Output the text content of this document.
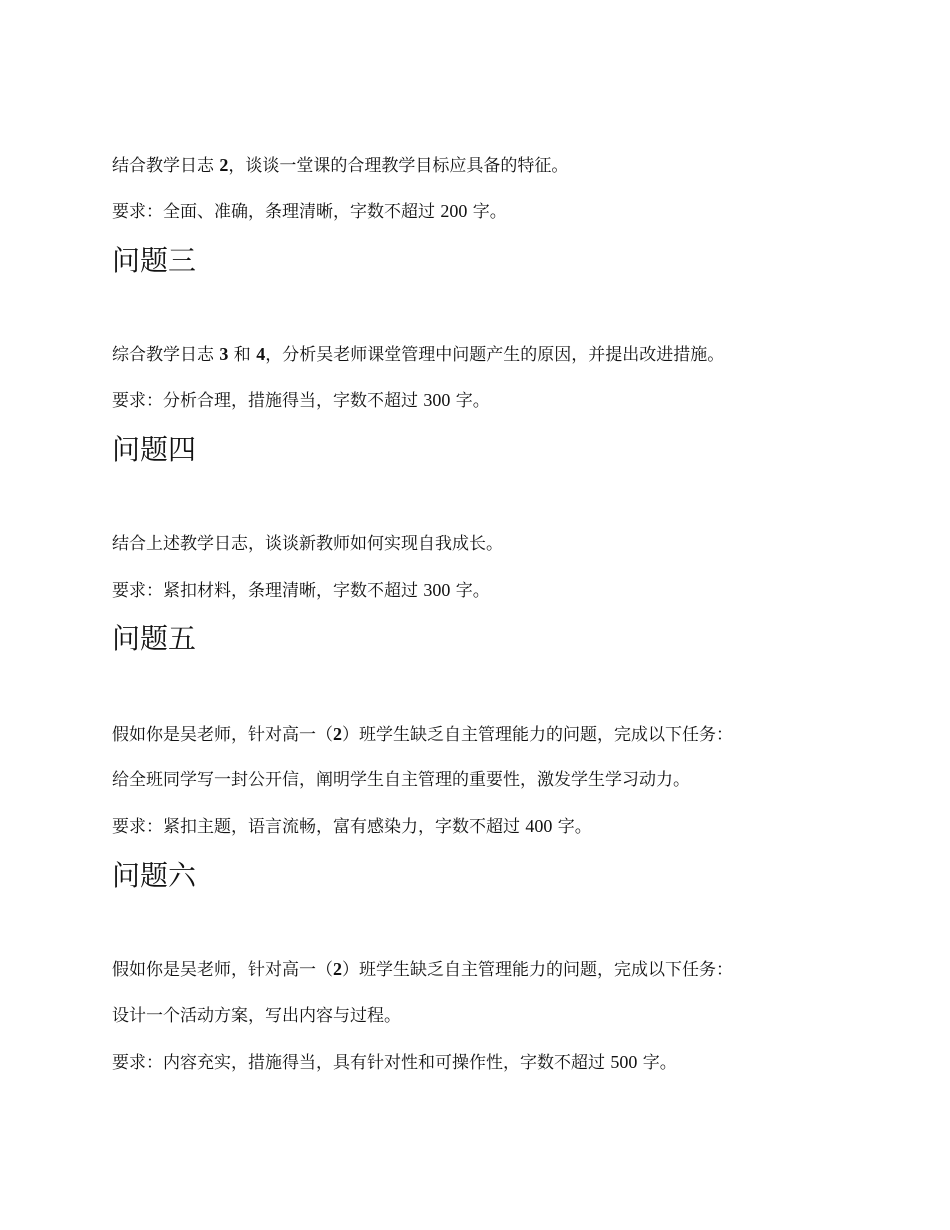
结合教学日志 2，谈谈一堂课的合理教学目标应具备的特征。
要求：全面、准确，条理清晰，字数不超过 200 字。
问题三
综合教学日志 3 和 4，分析吴老师课堂管理中问题产生的原因，并提出改进措施。
要求：分析合理，措施得当，字数不超过 300 字。
问题四
结合上述教学日志，谈谈新教师如何实现自我成长。
要求：紧扣材料，条理清晰，字数不超过 300 字。
问题五
假如你是吴老师，针对高一（2）班学生缺乏自主管理能力的问题，完成以下任务：
给全班同学写一封公开信，阐明学生自主管理的重要性，激发学生学习动力。
要求：紧扣主题，语言流畅，富有感染力，字数不超过 400 字。
问题六
假如你是吴老师，针对高一（2）班学生缺乏自主管理能力的问题，完成以下任务：
设计一个活动方案，写出内容与过程。
要求：内容充实，措施得当，具有针对性和可操作性，字数不超过 500 字。
